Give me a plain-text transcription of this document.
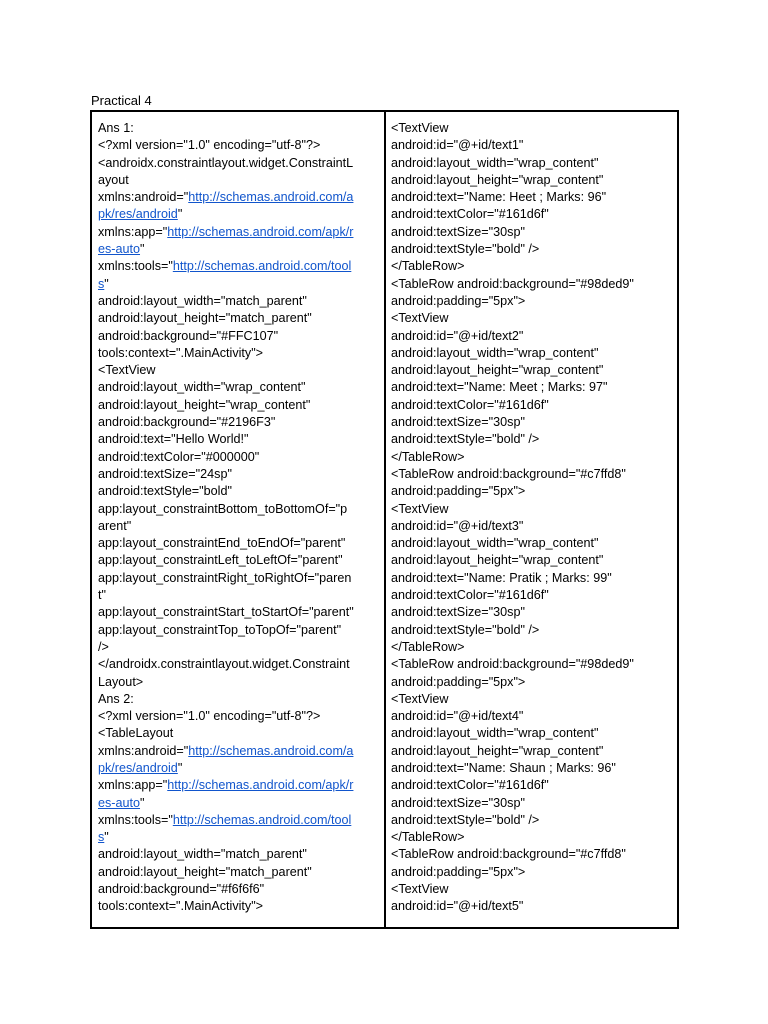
Practical 4
Ans 1:
<?xml version="1.0" encoding="utf-8"?>
<androidx.constraintlayout.widget.ConstraintL
ayout
xmlns:android="http://schemas.android.com/a
pk/res/android"
xmlns:app="http://schemas.android.com/apk/r
es-auto"
xmlns:tools="http://schemas.android.com/tool
s"
android:layout_width="match_parent"
android:layout_height="match_parent"
android:background="#FFC107"
tools:context=".MainActivity">
<TextView
android:layout_width="wrap_content"
android:layout_height="wrap_content"
android:background="#2196F3"
android:text="Hello World!"
android:textColor="#000000"
android:textSize="24sp"
android:textStyle="bold"
app:layout_constraintBottom_toBottomOf="p
arent"
app:layout_constraintEnd_toEndOf="parent"
app:layout_constraintLeft_toLeftOf="parent"
app:layout_constraintRight_toRightOf="paren
t"
app:layout_constraintStart_toStartOf="parent"
app:layout_constraintTop_toTopOf="parent"
/>
</androidx.constraintlayout.widget.Constraint
Layout>
Ans 2:
<?xml version="1.0" encoding="utf-8"?>
<TableLayout
xmlns:android="http://schemas.android.com/a
pk/res/android"
xmlns:app="http://schemas.android.com/apk/r
es-auto"
xmlns:tools="http://schemas.android.com/tool
s"
android:layout_width="match_parent"
android:layout_height="match_parent"
android:background="#f6f6f6"
tools:context=".MainActivity">
<TextView
android:id="@+id/text1"
android:layout_width="wrap_content"
android:layout_height="wrap_content"
android:text="Name: Heet ; Marks: 96"
android:textColor="#161d6f"
android:textSize="30sp"
android:textStyle="bold" />
</TableRow>
<TableRow android:background="#98ded9"
android:padding="5px">
<TextView
android:id="@+id/text2"
android:layout_width="wrap_content"
android:layout_height="wrap_content"
android:text="Name: Meet ; Marks: 97"
android:textColor="#161d6f"
android:textSize="30sp"
android:textStyle="bold" />
</TableRow>
<TableRow android:background="#c7ffd8"
android:padding="5px">
<TextView
android:id="@+id/text3"
android:layout_width="wrap_content"
android:layout_height="wrap_content"
android:text="Name: Pratik ; Marks: 99"
android:textColor="#161d6f"
android:textSize="30sp"
android:textStyle="bold" />
</TableRow>
<TableRow android:background="#98ded9"
android:padding="5px">
<TextView
android:id="@+id/text4"
android:layout_width="wrap_content"
android:layout_height="wrap_content"
android:text="Name: Shaun ; Marks: 96"
android:textColor="#161d6f"
android:textSize="30sp"
android:textStyle="bold" />
</TableRow>
<TableRow android:background="#c7ffd8"
android:padding="5px">
<TextView
android:id="@+id/text5"
